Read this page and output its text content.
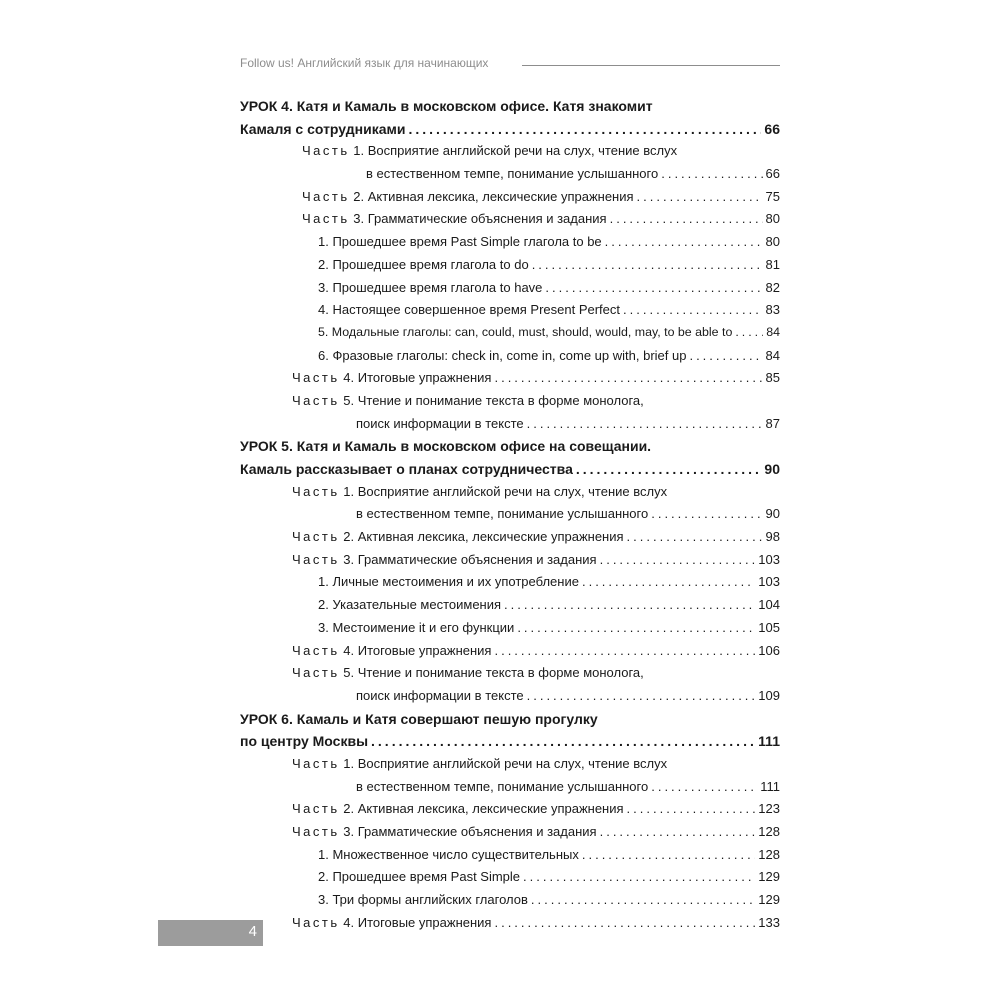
Follow us! Английский язык для начинающих
УРОК 4. Катя и Камаль в московском офисе. Катя знакомит
Камаля с сотрудниками .....	66
Часть 1. Восприятие английской речи на слух, чтение вслух
в естественном темпе, понимание услышанного .....	66
Часть 2. Активная лексика, лексические упражнения .....	75
Часть 3. Грамматические объяснения и задания .....	80
1. Прошедшее время Past Simple глагола to be .....	80
2. Прошедшее время глагола to do .....	81
3. Прошедшее время глагола to have .....	82
4. Настоящее совершенное время Present Perfect .....	83
5. Модальные глаголы: can, could, must, should, would, may, to be able to .....	84
6. Фразовые глаголы: check in, come in, come up with, brief up .....	84
Часть 4. Итоговые упражнения .....	85
Часть 5. Чтение и понимание текста в форме монолога,
поиск информации в тексте .....	87
УРОК 5. Катя и Камаль в московском офисе на совещании.
Камаль рассказывает о планах сотрудничества .....	90
Часть 1. Восприятие английской речи на слух, чтение вслух
в естественном темпе, понимание услышанного .....	90
Часть 2. Активная лексика, лексические упражнения .....	98
Часть 3. Грамматические объяснения и задания .....	103
1. Личные местоимения и их употребление .....	103
2. Указательные местоимения .....	104
3. Местоимение it и его функции .....	105
Часть 4. Итоговые упражнения .....	106
Часть 5. Чтение и понимание текста в форме монолога,
поиск информации в тексте .....	109
УРОК 6. Камаль и Катя совершают пешую прогулку
по центру Москвы .....	111
Часть 1. Восприятие английской речи на слух, чтение вслух
в естественном темпе, понимание услышанного .....	111
Часть 2. Активная лексика, лексические упражнения .....	123
Часть 3. Грамматические объяснения и задания .....	128
1. Множественное число существительных .....	128
2. Прошедшее время Past Simple .....	129
3. Три формы английских глаголов .....	129
Часть 4. Итоговые упражнения .....	133
4
